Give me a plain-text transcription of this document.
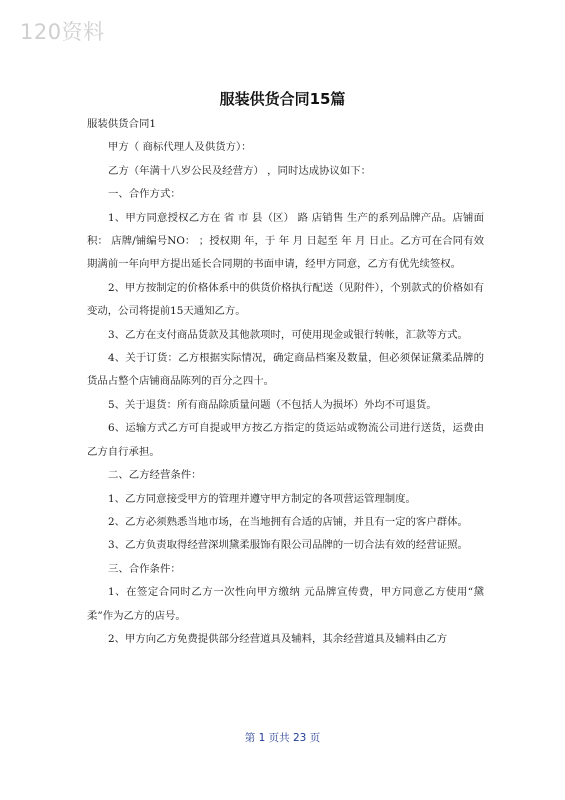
120资料
服装供货合同15篇

服装供货合同1

甲方（ 商标代理人及供货方）：

乙方（年满十八岁公民及经营方） ，同时达成协议如下：

一、合作方式：

1、甲方同意授权乙方在 省 市 县（区） 路 店销售 生产的系列品牌产品。店铺面积： 店牌/铺编号NO： ；授权期 年，于 年 月 日起至 年 月 日止。乙方可在合同有效期满前一年向甲方提出延长合同期的书面申请，经甲方同意，乙方有优先续签权。

2、甲方按制定的价格体系中的供货价格执行配送（见附件），个别款式的价格如有变动，公司将提前15天通知乙方。

3、乙方在支付商品货款及其他款项时，可使用现金或银行转帐，汇款等方式。

4、关于订货：乙方根据实际情况，确定商品档案及数量，但必须保证黛柔品牌的货品占整个店铺商品陈列的百分之四十。

5、关于退货：所有商品除质量问题（不包括人为损坏）外均不可退货。

6、运输方式乙方可自提或甲方按乙方指定的货运站或物流公司进行送货，运费由乙方自行承担。

二、乙方经营条件：

1、乙方同意接受甲方的管理并遵守甲方制定的各项营运管理制度。

2、乙方必须熟悉当地市场，在当地拥有合适的店铺，并且有一定的客户群体。

3、乙方负责取得经营深圳黛柔服饰有限公司品牌的一切合法有效的经营证照。

三、合作条件：

1、在签定合同时乙方一次性向甲方缴纳 元品牌宣传费，甲方同意乙方使用“黛柔”作为乙方的店号。

2、甲方向乙方免费提供部分经营道具及辅料，其余经营道具及辅料由乙方

第 1 页共 23 页
